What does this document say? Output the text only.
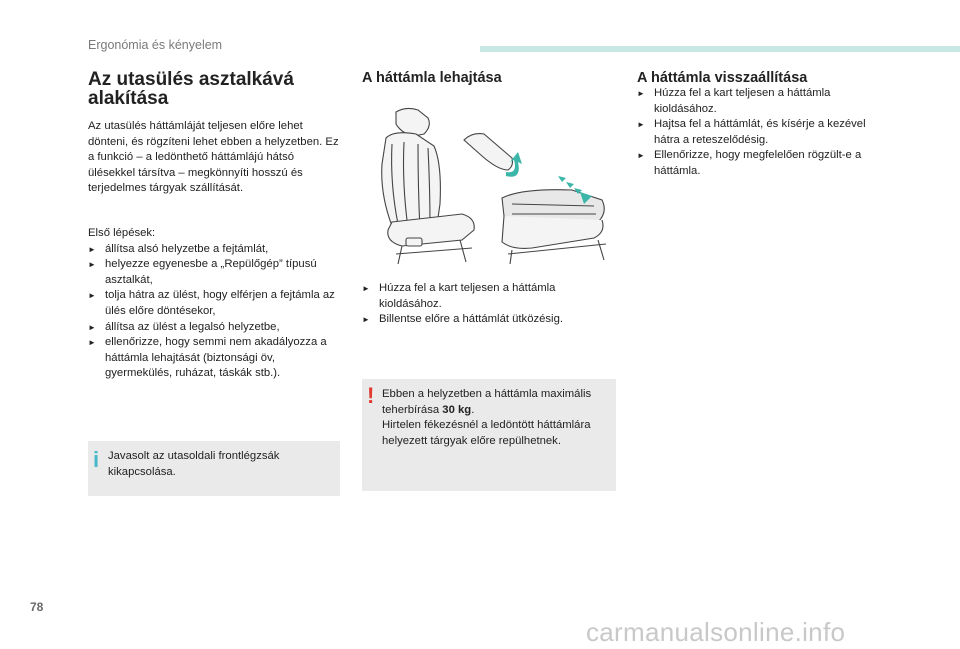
Ergonómia és kényelem
Az utasülés asztalkává alakítása

Az utasülés háttámláját teljesen előre lehet dönteni, és rögzíteni lehet ebben a helyzetben. Ez a funkció – a ledönthető háttámlájú hátsó ülésekkel társítva – megkönnyíti hosszú és terjedelmes tárgyak szállítását.

Első lépések:

► állítsa alsó helyzetbe a fejtámlát,
► helyezze egyenesbe a „Repülőgép” típusú asztalkát,
► tolja hátra az ülést, hogy elférjen a fejtámla az ülés előre döntésekor,
► állítsa az ülést a legalsó helyzetbe,
► ellenőrizze, hogy semmi nem akadályozza a háttámla lehajtását (biztonsági öv, gyermekülés, ruházat, táskák stb.).
i Javasolt az utasoldali frontlégzsák kikapcsolása.
A háttámla lehajtása
► Húzza fel a kart teljesen a háttámla kioldásához.
► Billentse előre a háttámlát ütközésig.
! Ebben a helyzetben a háttámla maximális teherbírása 30 kg.
Hirtelen fékezésnél a ledöntött háttámlára helyezett tárgyak előre repülhetnek.
A háttámla visszaállítása
► Húzza fel a kart teljesen a háttámla kioldásához.
► Hajtsa fel a háttámlát, és kísérje a kezével hátra a reteszelődésig.
► Ellenőrizze, hogy megfelelően rögzült-e a háttámla.
78
carmanualsonline.info
